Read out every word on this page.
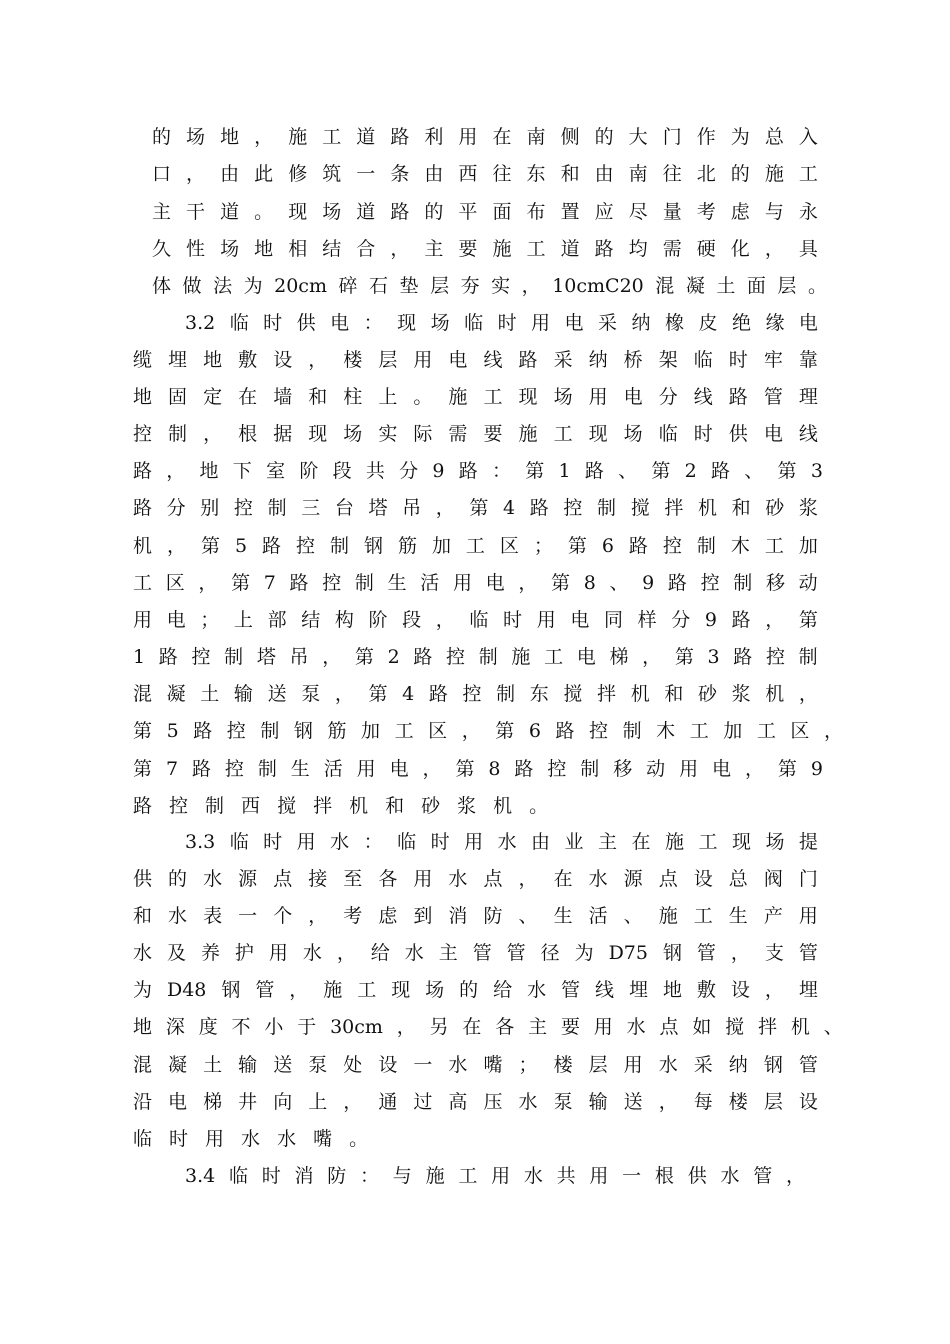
的 场 地 ， 施 工 道 路 利 用 在 南 侧 的 大 门 作 为 总 入
口 ， 由 此 修 筑 一 条 由 西 往 东 和 由 南 往 北 的 施 工
主 干 道 。 现 场 道 路 的 平 面 布 置 应 尽 量 考 虑 与 永
久 性 场 地 相 结 合 ， 主 要 施 工 道 路 均 需 硬 化 ， 具
体 做 法 为 20cm 碎 石 垫 层 夯 实 ， 10cmC20 混 凝 土 面 层 。
3.2 临 时 供 电 ： 现 场 临 时 用 电 采 纳 橡 皮 绝 缘 电
缆 埋 地 敷 设 ， 楼 层 用 电 线 路 采 纳 桥 架 临 时 牢 靠
地 固 定 在 墙 和 柱 上 。 施 工 现 场 用 电 分 线 路 管 理
控 制 ， 根 据 现 场 实 际 需 要 施 工 现 场 临 时 供 电 线
路 ， 地 下 室 阶 段 共 分 9 路 ： 第 1 路 、 第 2 路 、 第 3
路 分 别 控 制 三 台 塔 吊 ， 第 4 路 控 制 搅 拌 机 和 砂 浆
机 ， 第 5 路 控 制 钢 筋 加 工 区 ； 第 6 路 控 制 木 工 加
工 区 ， 第 7 路 控 制 生 活 用 电 ， 第 8 、 9 路 控 制 移 动
用 电 ； 上 部 结 构 阶 段 ， 临 时 用 电 同 样 分 9 路 ， 第
1 路 控 制 塔 吊 ， 第 2 路 控 制 施 工 电 梯 ， 第 3 路 控 制
混 凝 土 输 送 泵 ， 第 4 路 控 制 东 搅 拌 机 和 砂 浆 机 ，
第 5 路 控 制 钢 筋 加 工 区 ， 第 6 路 控 制 木 工 加 工 区 ，
第 7 路 控 制 生 活 用 电 ， 第 8 路 控 制 移 动 用 电 ， 第 9
路 控 制 西 搅 拌 机 和 砂 浆 机 。
3.3 临 时 用 水 ： 临 时 用 水 由 业 主 在 施 工 现 场 提
供 的 水 源 点 接 至 各 用 水 点 ， 在 水 源 点 设 总 阀 门
和 水 表 一 个 ， 考 虑 到 消 防 、 生 活 、 施 工 生 产 用
水 及 养 护 用 水 ， 给 水 主 管 管 径 为 D75 钢 管 ， 支 管
为 D48 钢 管 ， 施 工 现 场 的 给 水 管 线 埋 地 敷 设 ， 埋
地 深 度 不 小 于 30cm ， 另 在 各 主 要 用 水 点 如 搅 拌 机 、
混 凝 土 输 送 泵 处 设 一 水 嘴 ； 楼 层 用 水 采 纳 钢 管
沿 电 梯 井 向 上 ， 通 过 高 压 水 泵 输 送 ， 每 楼 层 设
临 时 用 水 水 嘴 。
3.4 临 时 消 防 ： 与 施 工 用 水 共 用 一 根 供 水 管 ，
